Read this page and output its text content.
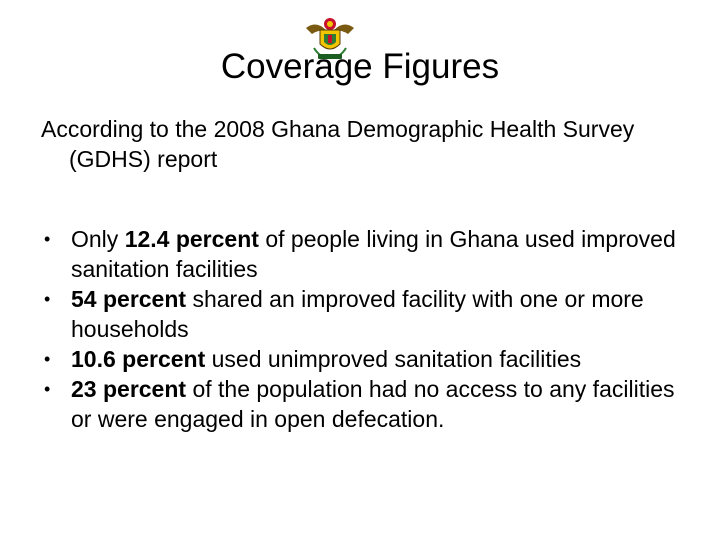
Coverage Figures

According to the 2008 Ghana Demographic Health Survey (GDHS) report

• Only 12.4 percent of people living in Ghana used improved sanitation facilities
• 54 percent shared an improved facility with one or more households
• 10.6 percent used unimproved sanitation facilities
• 23 percent of the population had no access to any facilities or were engaged in open defecation.
